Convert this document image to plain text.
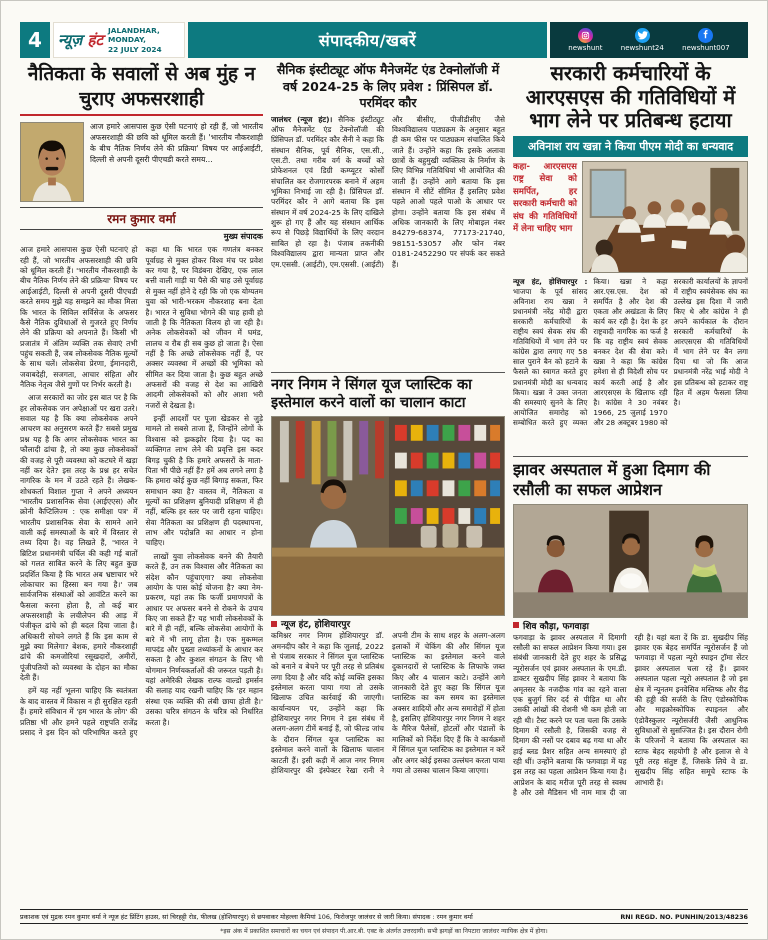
4	न्यूज़ हंट
JALANDHAR, MONDAY,
22 JULY 2024	संपादकीय/खबरें	newshunt	newshunt24	newshunt007
नैतिकता के सवालों से अब मुंह न चुराए अफसरशाही

आज हमारे आसपास कुछ ऐसी घटनाएं हो रही हैं, जो भारतीय अफसरशाही की छवि को धूमिल करती हैं। 'भारतीय नौकरशाही के बीच नैतिक निर्णय लेने की प्रक्रिया' विषय पर आईआईटी, दिल्ली से अपनी दूसरी पीएचडी करते समय...

रमन कुमार वर्मा
मुख्य संपादक

आज हमारे आसपास कुछ ऐसी घटनाएं हो रही हैं, जो भारतीय अफसरशाही की छवि को धूमिल करती हैं। 'भारतीय नौकरशाही के बीच नैतिक निर्णय लेने की प्रक्रिया' विषय पर आईआईटी, दिल्ली से अपनी दूसरी पीएचडी करते समय मुझे यह समझने का मौका मिला कि भारत के सिविल सर्विसेज के अफसर कैसे नैतिक दुविधाओं से गुजरते हुए निर्णय लेने की प्रक्रिया को अपनाते हैं। किसी भी प्रजातंत्र में अंतिम व्यक्ति तक सेवाएं तभी पहुंच सकती हैं, जब लोकसेवक नैतिक मूल्यों के साथ चलें। लोकसेवा प्रेरणा, ईमानदारी, जवाबदेही, सजगता, आचार संहिता और नैतिक नेतृत्व जैसे गुणों पर निर्भर करती है।

आज सरकारों का जोर इस बात पर है कि हर लोकसेवक जन अपेक्षाओं पर खरा उतरे। सवाल यह है कि क्या लोकसेवक अपने आचरण का अनुसरण करते हैं? सबसे प्रमुख प्रश्न यह है कि अगर लोकसेवक भारत का फौलादी ढांचा है, तो क्या कुछ लोकसेवकों की वजह से पूरी व्यवस्था को कटघरे में खड़ा नहीं कर देते? इस तरह के प्रश्न हर सचेत नागरिक के मन में उठते रहते हैं। लेखक-शोधकर्ता विशाल गुप्ता ने अपने अध्ययन 'भारतीय प्रशासनिक सेवा (आईएएस) और क्रोनी कैप्टिलिज्म : एक समीक्षा पत्र' में भारतीय प्रशासनिक सेवा के सामने आने वाली कई समस्याओं के बारे में विस्तार से तथ्य दिया है। वह लिखते हैं, 'भारत ने ब्रिटिश प्रधानमंत्री चर्चिल की कही गई बातों को गलत साबित करने के लिए बहुत कुछ प्रदर्शित किया है कि भारत अब भ्रष्टाचार भरे लोकाचार का हिस्सा बन गया है।' जब सार्वजनिक संस्थाओं को आवंटित करने का फैसला करना होता है, तो कई बार अफसरशाही के लचीलेपन की आड़ में पंजीकृत ढांचे को ही बदल दिया जाता है। अधिकारी सोचने लगते हैं कि इस काम से मुझे क्या मिलेगा? बेशक, हमारे नौकरशाही ढांचे की कमजोरियां रसूखदारों, अमीरों, पूंजीपतियों को व्यवस्था के दोहन का मौका देती हैं।

हमें यह नहीं भूलना चाहिए कि स्वतंत्रता के बाद वास्तव में विकास न ही सुरक्षित रहती हैं। हमारे संविधान में 'हम भारत के लोग' की प्रतिष्ठा भी और हमने पहले राष्ट्रपति राजेंद्र प्रसाद ने इस दिन को परिभाषित करते हुए कहा था कि भारत एक गणतंत्र बनकर पूर्वाग्रह से मुक्त होकर विश्व मंच पर प्रवेश कर गया है, पर विडंबना देखिए, एक लाल बत्ती वाली गाड़ी या पैसे की चाह उसे पूर्वाग्रह से मुक्त नहीं होने दे रही कि जो एक योग्यतम युवा को भारी-भरकम नौकरशाह बना देता है। भारत ने सुविधा भोगने की चाह हावी हो जाती है कि नैतिकता विलय हो जा रही है। अनेक लोकसेवकों को जीवन में घमंड, लालच व रौब ही सब कुछ हो जाता है। ऐसा नहीं है कि अच्छे लोकसेवक नहीं हैं, पर अक्सर व्यवस्था में अच्छों की भूमिका को सीमित कर दिया जाता है। कुछ बहुत अच्छे अफसरों की वजह से देश का आखिरी आदमी लोकसेवकों को और आशा भरी नजरों से देखता है।

इन्हीं आदर्शों पर पूजा खेडकर से जुड़े मामले तो सबसे ताजा हैं, जिन्होंने लोगों के विश्वास को झकझोर दिया है। पद का व्यक्तिगत लाभ लेने की प्रवृत्ति इस कदर बिगड़ चुकी है कि हमारे अफसरों के माता-पिता भी पीछे नहीं हैं? हमें अब लगने लगा है कि हमारा कोई कुछ नहीं बिगाड़ सकता, फिर समाधान क्या है? वास्तव में, नैतिकता व मूल्यों का प्रशिक्षण बुनियादी प्रशिक्षण में ही नहीं, बल्कि हर स्तर पर जारी रहना चाहिए। सेवा नैतिकता का प्रशिक्षण ही पदस्थापना, लाभ और पदोन्नति का आधार न होना चाहिए।

लाखों युवा लोकसेवक बनने की तैयारी करते हैं, उन तक विश्वास और नैतिकता का संदेश कौन पहुंचाएगा? क्या लोकसेवा आयोग के पास कोई योजना है? क्या नेम-प्रकरण, यहां तक कि फर्जी प्रमाणपत्रों के आधार पर अफसर बनने से रोकने के उपाय किए जा सकते हैं? यह भावी लोकसेवकों के बारे में ही नहीं, बल्कि लोकसेवा आयोगों के बारे में भी लागू होता है। एक मुकम्मल मापदंड और पुख्ता तथ्यांकनों के आधार कर सकता है और कुशल संगठन के लिए भी योगमान निर्णयकर्ताओं की जरूरत पड़ती है। यहां अमेरिकी लेखक राल्फ वाल्डो इमर्सन की सलाह याद रखनी चाहिए कि 'हर महान संस्था एक व्यक्ति की लंबी छाया होती है।' उसका चरित्र संगठन के चरित्र को निर्धारित करता है।

सैनिक इंस्टीट्यूट ऑफ मैनेजमेंट एंड टेक्नोलॉजी में वर्ष 2024-25 के लिए प्रवेश : प्रिंसिपल डॉ. परमिंदर कौर

जालंधर (न्यूज हंट)। सैनिक इंस्टीट्यूट ऑफ मैनेजमेंट एंड टेक्नोलॉजी की प्रिंसिपल डॉ. परमिंदर कौर सैनी ने कहा कि संस्थान सैनिक, पूर्व सैनिक, एस.सी., एस.टी. तथा गरीब वर्ग के बच्चों को प्रोफेशनल एवं डिग्री कम्प्यूटर कोर्सों संचालित कर रोजगारपरक बनाने में अहम भूमिका निभाई जा रही है। प्रिंसिपल डॉ. परमिंदर कौर ने आगे बताया कि इस संस्थान में वर्ष 2024-25 के लिए दाखिले शुरू हो गए हैं और यह संस्थान आर्थिक रूप से पिछड़े विद्यार्थियों के लिए वरदान साबित हो रहा है। पंजाब तकनीकी विश्वविद्यालय द्वारा मान्यता प्राप्त और एम.एससी. (आईटी), एम.एससी. (आईटी) और बीसीए, पीजीडीसीए जैसे विश्वविद्यालय पाठ्यक्रम के अनुसार बहुत ही कम फीस पर पाठ्यक्रम संचालित किये जाते हैं। उन्होंने कहा कि इसके अलावा छात्रों के बहुमुखी व्यक्तित्व के निर्माण के लिए विभिन्न गतिविधियां भी आयोजित की जाती हैं। उन्होंने आगे बताया कि इस संस्थान में सीटें सीमित हैं इसलिए प्रवेश पहले आओ पहले पाओ के आधार पर होगा। उन्होंने बताया कि इस संबंध में अधिक जानकारी के लिए मोबाइल नंबर 84279-68374, 77173-21740, 98151-53057 और फोन नंबर 0181-2452290 पर संपर्क कर सकते हैं।

नगर निगम ने सिंगल यूज प्लास्टिक का इस्तेमाल करने वालों का चालान काटा
न्यूज हंट, होशियारपुर

कमिश्नर नगर निगम होशियारपुर डॉ. अमनदीप कौर ने कहा कि जुलाई, 2022 से पंजाब सरकार ने सिंगल यूज प्लास्टिक को बनाने व बेचने पर पूरी तरह से प्रतिबंध लगा दिया है और यदि कोई व्यक्ति इसका इस्तेमाल करता पाया गया तो उसके खिलाफ उचित कार्रवाई की जाएगी। कार्यान्वयन पर, उन्होंने कहा कि होशियारपुर नगर निगम ने इस संबंध में अलग-अलग टीमें बनाई हैं, जो फील्ड जांच के दौरान सिंगल यूज प्लास्टिक का इस्तेमाल करने वालों के खिलाफ चालान काटती हैं। इसी कड़ी में आज नगर निगम होशियारपुर की इंस्पेक्टर रेखा रानी ने अपनी टीम के साथ शहर के अलग-अलग इलाकों में चेकिंग की और सिंगल यूज प्लास्टिक का इस्तेमाल करने वाले दुकानदारों से प्लास्टिक के लिफाफे जब्त किए और 4 चालान काटे। उन्होंने आगे जानकारी देते हुए कहा कि सिंगल यूज प्लास्टिक का कम समय का इस्तेमाल अक्सर शादियों और अन्य समारोहों में होता है, इसलिए होशियारपुर नगर निगम ने शहर के मैरिज पैलेसों, होटलों और पंडालों के मालिकों को निर्देश दिए हैं कि वे कार्यक्रमों में सिंगल यूज प्लास्टिक का इस्तेमाल न करें और अगर कोई इसका उल्लंघन करता पाया गया तो उसका चालान किया जाएगा।

सरकारी कर्मचारियों के आरएसएस की गतिविधियों में भाग लेने पर प्रतिबन्ध हटाया
अविनाश राय खन्ना ने किया पीएम मोदी का धन्यवाद
कहा- आरएसएस राष्ट्र सेवा को समर्पित, हर सरकारी कर्मचारी को संघ की गतिविधियों में लेना चाहिए भाग

न्यूज हंट, होशियारपुर : भाजपा के पूर्व सांसद अविनाश राय खन्ना ने प्रधानमंत्री नरेंद्र मोदी द्वारा सरकारी कर्मचारियों के राष्ट्रीय स्वयं सेवक संघ की गतिविधियों में भाग लेने पर कांग्रेस द्वारा लगाए गए 58 साल पुराने बैन को हटाने के फैसले का स्वागत करते हुए प्रधानमंत्री मोदी का धन्यवाद किया। खन्ना ने उक्त जनता की समस्याएं सुनने के लिए आयोजित समारोह को सम्बोधित करते हुए व्यक्त किया। खन्ना ने कहा आर.एस.एस. देश को समर्पित है और देश की एकता और अखंडता के लिए कार्य कर रही है। देश के हर राष्ट्रवादी नागरिक का फर्ज है कि वह राष्ट्रीय स्वयं सेवक बनकर देश की सेवा करे। खन्ना ने कहा कि कांग्रेस हमेशा से ही विदेशी सोच पर कार्य करती आई है और आरएसएस के खिलाफ रही है। कांग्रेस ने 30 नवंबर 1966, 25 जुलाई 1970 और 28 अक्टूबर 1980 को सरकारी कार्यालयों के ज्ञापनों में राष्ट्रीय स्वयंसेवक संघ का उल्लेख इस दिशा में जारी किए थे और कांग्रेस ने ही अपने कार्यकाल के दौरान सरकारी कर्मचारियों के आरएसएस की गतिविधियों में भाग लेने पर बैन लगा दिया था जो कि आज प्रधानमंत्री नरेंद्र भाई मोदी ने इस प्रतिबन्ध को हटाकर राष्ट्र हित में अहम फैसला लिया है।

झावर अस्पताल में हुआ दिमाग की रसौली का सफल आप्रेशन
शिव कौड़ा, फगवाड़ा

फगवाड़ा के झावर अस्पताल में दिमागी रसौली का सफल आप्रेशन किया गया। इस संबंधी जानकारी देते हुए शहर के प्रसिद्ध न्यूरोसर्जन एवं झावर अस्पताल के एम.डी. डाक्टर सुखदीप सिंह झावर ने बताया कि अमृतसर के नजदीक गांव का रहने वाला एक बुजुर्ग सिर दर्द से पीड़ित था और उसकी आंखों की रोशनी भी कम होती जा रही थी। टैस्ट करने पर पता चला कि उसके दिमाग में रसौली है, जिसकी वजह से दिमाग की नसों पर दबाव बढ़ गया था और हाई ब्लड प्रैशर सहित अन्य समस्याएं हो रही थीं। उन्होंने बताया कि फगवाड़ा में यह इस तरह का पहला आप्रेशन किया गया है। आप्रेशन के बाद मरीज पूरी तरह से स्वस्थ है और उसे मैडिसन भी नाम मात्र दी जा रही है। यहां बता दें कि डा. सुखदीप सिंह झावर एक बेहद समर्पित न्यूरोसर्जन हैं जो फगवाड़ा में पहला न्यूरो स्पाइन ट्रॉमा सेंटर झावर अस्पताल चला रहे हैं। झावर अस्पताल पहला न्यूरो अस्पताल है जो इस क्षेत्र में न्यूनतम इनवेसिव मस्तिष्क और रीढ़ की हड्डी की सर्जरी के लिए एंडोस्कोपिक और माइक्रोस्कोपिक स्पाइनल और एंडोवैस्कुलर न्यूरोसर्जरी जैसी आधुनिक सुविधाओं से सुसज्जित है। इस दौरान रोगी के परिजनों ने बताया कि अस्पताल का स्टाफ बेहद सहयोगी है और इलाज से वे पूरी तरह संतुष्ट हैं, जिसके लिये वे डा. सुखदीप सिंह सहित समूचे स्टाफ के आभारी हैं।

प्रकाशक एवं मुद्रक रमन कुमार वर्मा ने न्यूज हंट प्रिंटिंग हाउस, सां चिरहट्टी रोड, फीलख (होशियारपुर) से छपवाकर मोहल्ला कैमियां 106, फिरोजपुर जालंधर से जारी किया। संपादक : रमन कुमार वर्मा	RNI REGD. NO. PUNHIN/2013/48236
*इस अंक में प्रकाशित समाचारों का चयन एवं संपादन पी.आर.बी. एक्ट के अंतर्गत उत्तरदायी। सभी झगड़ों का निपटारा जालंधर न्यायिक क्षेत्र में होगा।
